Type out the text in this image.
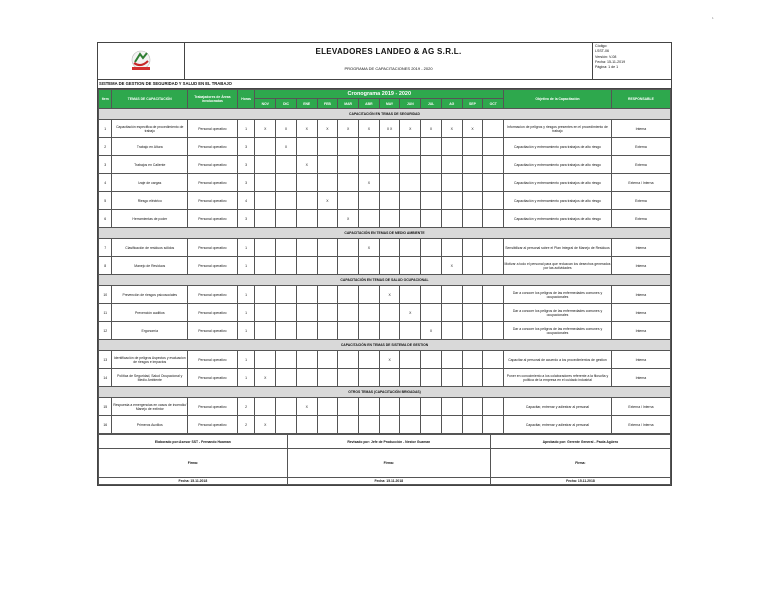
1
ELEVADORES LANDEO & AG S.R.L.
PROGRAMA DE CAPACITACIONES 2019 - 2020
Código:
LSST-06
Versión: V-08
Fecha: 15-11-2019
Página: 1 de 1
SISTEMA DE GESTION DE SEGURIDAD Y SALUD EN EL TRABAJO
Item	TEMAS DE CAPACITACIÓN	Trabajadores de Áreas involucradas	Horas	Cronograma 2019 - 2020												Objetivo de la Capacitación	RESPONSABLE
				NOV	DIC	ENE	FEB	MAR	ABR	MAY	JUN	JUL	AG	SEP	OCT		
CAPACITACIÓN EN TEMAS DE SEGURIDAD																	
1	Capacitación especifica de procedimiento de trabajo	Personal operativo	1	X	X	X	X	X	X	X X	X	X	X	X		Informacion de peligros y riesgos presentes en el procedimiento de trabajo	Interna
2	Trabajo en Altura	Personal operativo	3		X											Capacitación y entrenamiento para trabajos de alto riesgo	Externa
3	Trabajos en Caliente	Personal operativo	3			X										Capacitación y entrenamiento para trabajos de alto riesgo	Externa
4	Izaje de cargas	Personal operativo	3						X							Capacitación y entrenamiento para trabajos de alto riesgo	Externa / Interna
5	Riesgo eléctrico	Personal operativo	4				X									Capacitación y entrenamiento para trabajos de alto riesgo	Externa
6	Herramientas de poder	Personal operativo	3					X								Capacitación y entrenamiento para trabajos de alto riesgo	Externa
CAPACITACIÓN EN TEMAS DE MEDIO AMBIENTE																	
7	Clasificación de residuos sólidos	Personal operativo	1						X							Sensibilizar al personal sobre el Plan Integral de Manejo de Residuos	Interna
8	Manejo de Residuos	Personal operativo	1										X			Motivar a todo el personal para que reduzcan los desechos generados por las actividades	Interna
CAPACITACIÓN EN TEMAS DE SALUD OCUPACIONAL																	
10	Prevención de riesgos psicosociales	Personal operativo	1							X						Dar a conocer los peligros de las enfermedades comunes y ocupacionales	Interna
11	Prevención auditiva	Personal operativo	1								X					Dar a conocer los peligros de las enfermedades comunes y ocupacionales	Interna
12	Ergonomía	Personal operativo	1									X				Dar a conocer los peligros de las enfermedades comunes y ocupacionales	Interna
CAPACITACIÓN EN TEMAS DE SISTEMA DE GESTION																	
13	Identificación de peligros Aspectos y evaluacion de riesgos e impactos	Personal operativo	1							X						Capacitar al personal de acuerdo a los procedimientos de gestion	Interna
14	Política de Seguridad, Salud Ocupacional y Medio Ambiente	Personal operativo	1	X												Poner en conocimiento a los colaboradores referente a la filosofía y política de la empresa en el cuidado industrial	Interna
OTROS TEMAS (CAPACITACIÓN BRIGADAS)																	
15	Respuesta a emergencias en casos de incendio/ Manejo de extintor	Personal operativo	2			X										Capacitar, entrenar y adiestrar al personal	Externa / Interna
16	Primeros Auxilios	Personal operativo	2	X												Capacitar, entrenar y adiestrar al personal	Externa / Interna
Elaborado por:Asesor SST - Fernando Huaman	Revisado por: Jefe de Producción - Nestor Guzman	Aprobado por: Gerente General - Paola Agüero
Firma:	Firma:	Firma:
Fecha: 15.11.2018	Fecha: 15.11.2018	Fecha: 15.11.2018
